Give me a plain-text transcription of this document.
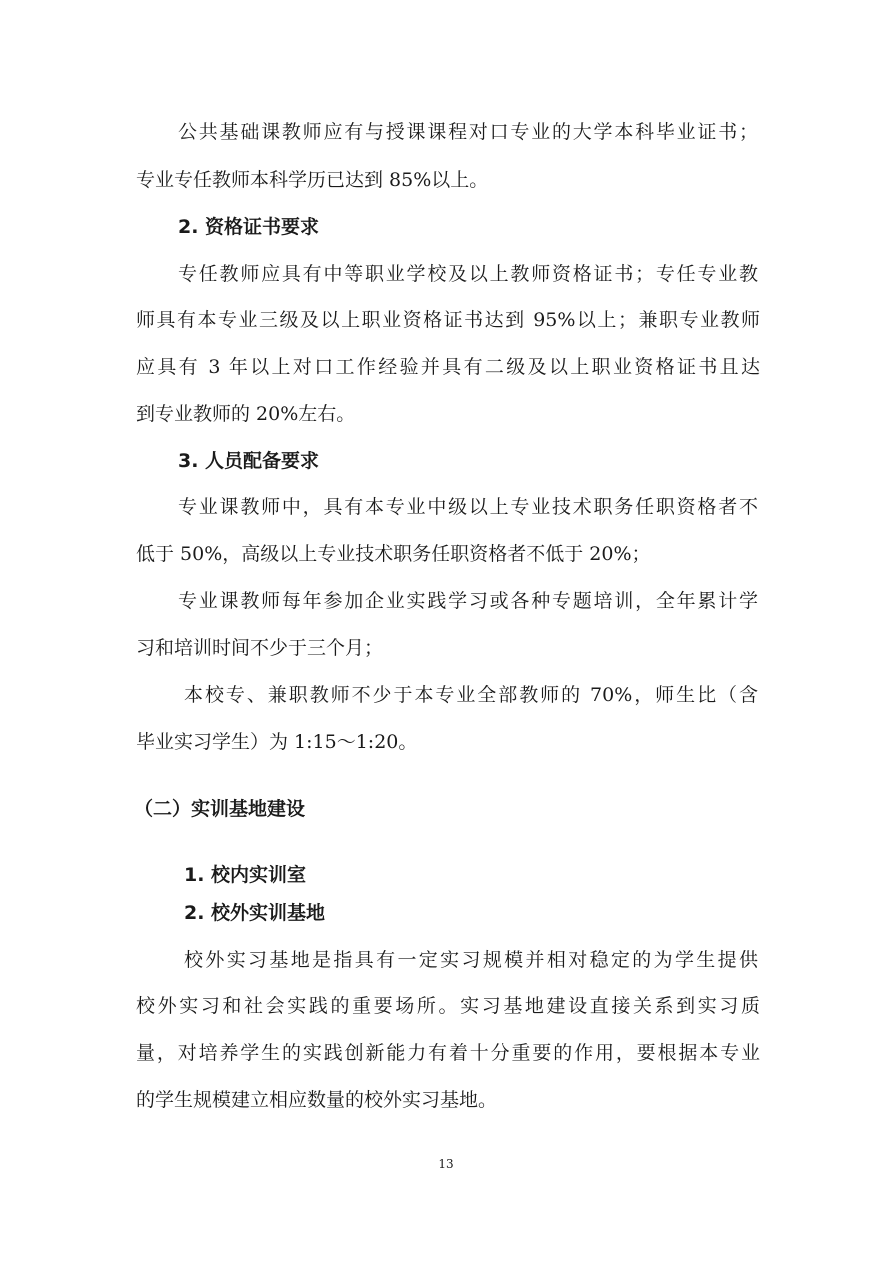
公共基础课教师应有与授课课程对口专业的大学本科毕业证书；
专业专任教师本科学历已达到 85%以上。
2. 资格证书要求
专任教师应具有中等职业学校及以上教师资格证书；专任专业教
师具有本专业三级及以上职业资格证书达到 95%以上；兼职专业教师
应具有 3 年以上对口工作经验并具有二级及以上职业资格证书且达
到专业教师的 20%左右。
3. 人员配备要求
专业课教师中，具有本专业中级以上专业技术职务任职资格者不
低于 50%，高级以上专业技术职务任职资格者不低于 20%；
专业课教师每年参加企业实践学习或各种专题培训，全年累计学
习和培训时间不少于三个月；
本校专、兼职教师不少于本专业全部教师的 70%，师生比（含
毕业实习学生）为 1:15～1:20。
（二）实训基地建设
1. 校内实训室
2. 校外实训基地
校外实习基地是指具有一定实习规模并相对稳定的为学生提供
校外实习和社会实践的重要场所。实习基地建设直接关系到实习质
量，对培养学生的实践创新能力有着十分重要的作用，要根据本专业
的学生规模建立相应数量的校外实习基地。
13
